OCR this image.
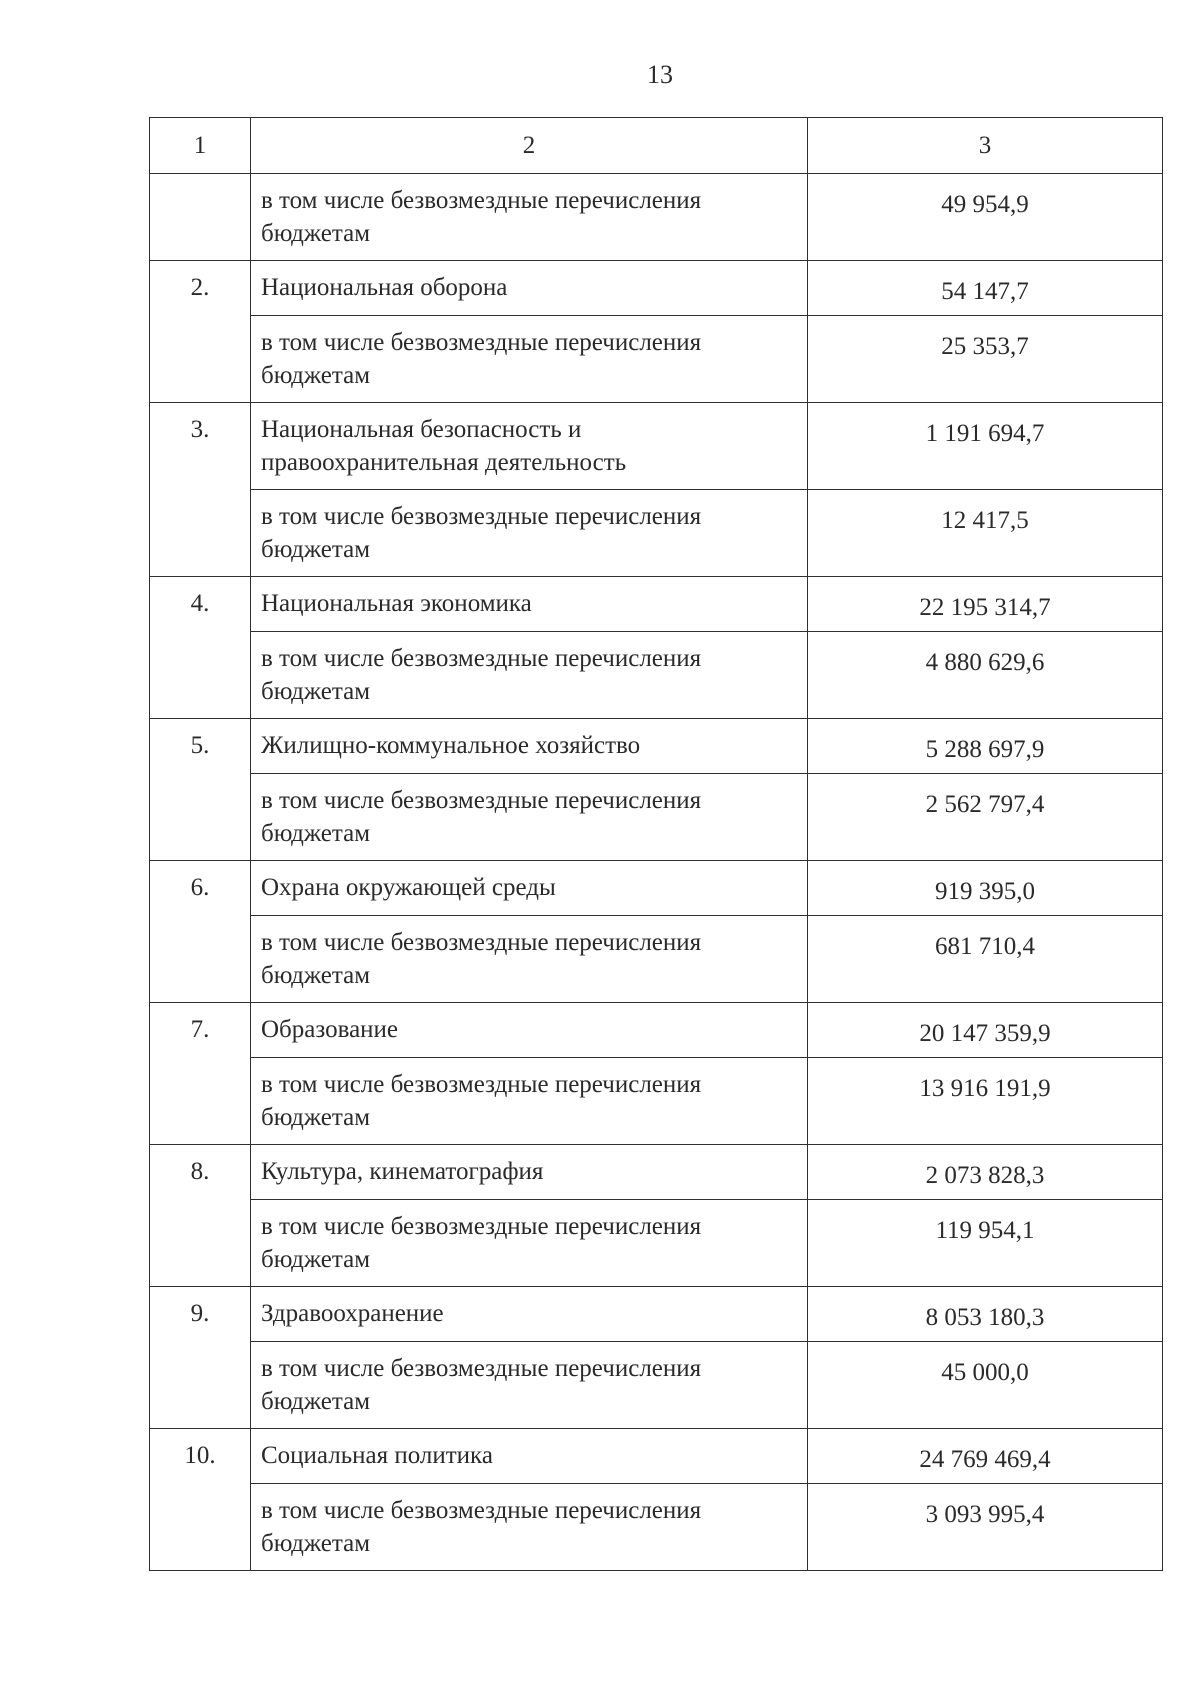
13
1	2	3
	в том числе безвозмездные перечисления бюджетам	49 954,9
2.	Национальная оборона	54 147,7
	в том числе безвозмездные перечисления бюджетам	25 353,7
3.	Национальная безопасность и правоохранительная деятельность	1 191 694,7
	в том числе безвозмездные перечисления бюджетам	12 417,5
4.	Национальная экономика	22 195 314,7
	в том числе безвозмездные перечисления бюджетам	4 880 629,6
5.	Жилищно-коммунальное хозяйство	5 288 697,9
	в том числе безвозмездные перечисления бюджетам	2 562 797,4
6.	Охрана окружающей среды	919 395,0
	в том числе безвозмездные перечисления бюджетам	681 710,4
7.	Образование	20 147 359,9
	в том числе безвозмездные перечисления бюджетам	13 916 191,9
8.	Культура, кинематография	2 073 828,3
	в том числе безвозмездные перечисления бюджетам	119 954,1
9.	Здравоохранение	8 053 180,3
	в том числе безвозмездные перечисления бюджетам	45 000,0
10.	Социальная политика	24 769 469,4
	в том числе безвозмездные перечисления бюджетам	3 093 995,4
